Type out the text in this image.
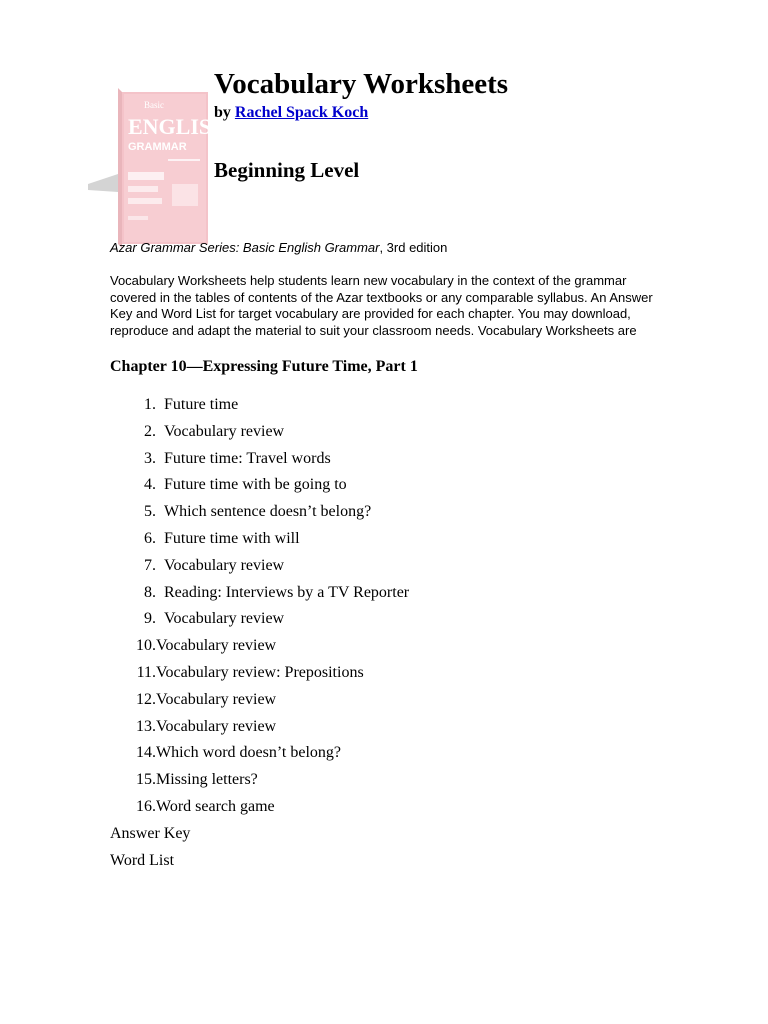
Basic
ENGLIS
GRAMMAR
Vocabulary Worksheets
by Rachel Spack Koch
Beginning Level
Azar Grammar Series: Basic English Grammar, 3rd edition

Vocabulary Worksheets help students learn new vocabulary in the context of the grammar
covered in the tables of contents of the Azar textbooks or any comparable syllabus. An Answer
Key and Word List for target vocabulary are provided for each chapter. You may download,
reproduce and adapt the material to suit your classroom needs. Vocabulary Worksheets are

Chapter 10—Expressing Future Time, Part 1
1. Future time
2. Vocabulary review
3. Future time: Travel words
4. Future time with be going to
5. Which sentence doesn’t belong?
6. Future time with will
7. Vocabulary review
8. Reading: Interviews by a TV Reporter
9. Vocabulary review
10. Vocabulary review
11. Vocabulary review: Prepositions
12. Vocabulary review
13. Vocabulary review
14. Which word doesn’t belong?
15. Missing letters?
16. Word search game
Answer Key
Word List
